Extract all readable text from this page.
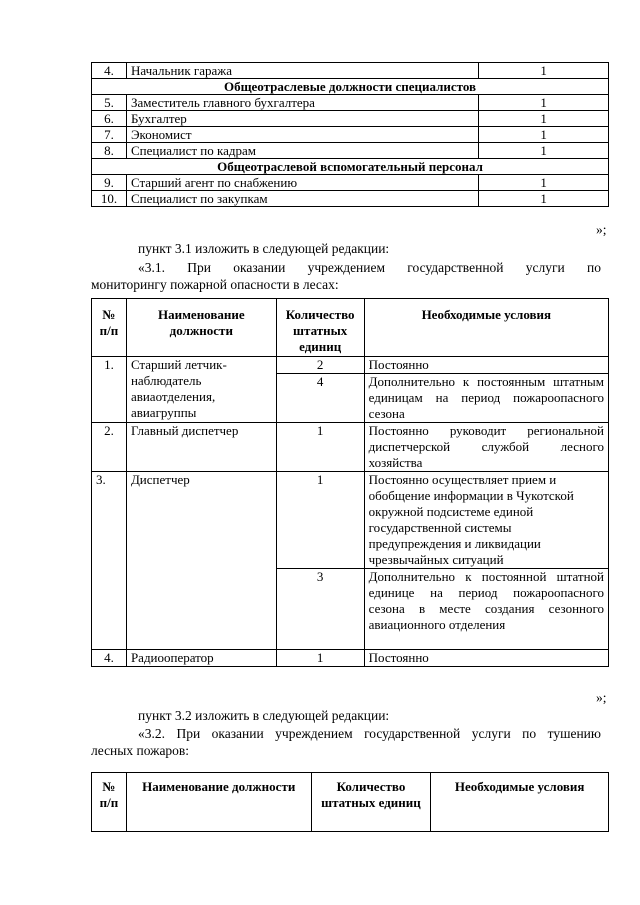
4.	Начальник гаража	1
Общеотраслевые должности специалистов		
5.	Заместитель главного бухгалтера	1
6.	Бухгалтер	1
7.	Экономист	1
8.	Специалист по кадрам	1
Общеотраслевой вспомогательный персонал		
9.	Старший агент по снабжению	1
10.	Специалист по закупкам	1
»;
пункт 3.1 изложить в следующей редакции:
«3.1. При оказании учреждением государственной услуги по
мониторингу пожарной опасности в лесах:
№ п/п	Наименование должности	Количество штатных единиц	Необходимые условия
1.	Старший летчик-наблюдатель авиаотделения, авиагруппы	2	Постоянно
		4	Дополнительно к постоянным штатным единицам на период пожароопасного сезона
2.	Главный диспетчер	1	Постоянно руководит региональной диспетчерской службой лесного хозяйства
3.	Диспетчер	1	Постоянно осуществляет прием и обобщение информации в Чукотской окружной подсистеме единой государственной системы предупреждения и ликвидации чрезвычайных ситуаций
		3	Дополнительно к постоянной штатной единице на период пожароопасного сезона в месте создания сезонного авиационного отделения
4.	Радиооператор	1	Постоянно
»;
пункт 3.2 изложить в следующей редакции:
«3.2. При оказании учреждением государственной услуги по тушению
лесных пожаров:
№ п/п	Наименование должности	Количество штатных единиц	Необходимые условия
